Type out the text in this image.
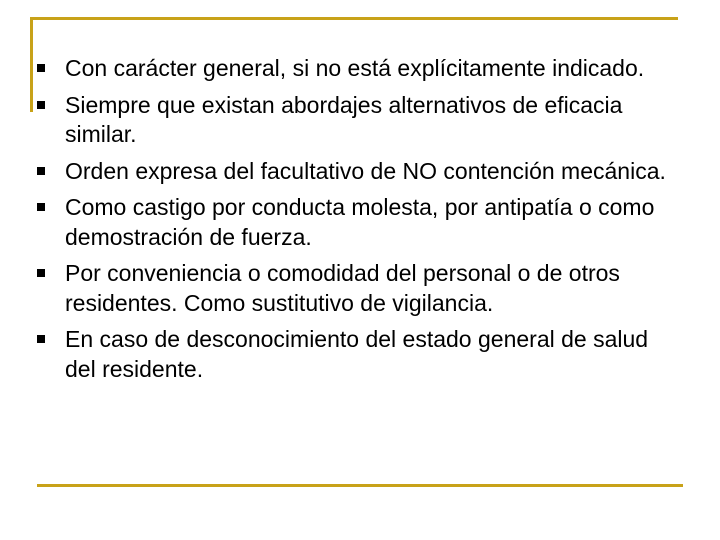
Con carácter general, si no está explícitamente indicado.
Siempre que existan abordajes alternativos de eficacia similar.
Orden expresa del facultativo de NO contención mecánica.
Como castigo por conducta molesta, por antipatía o como demostración de fuerza.
Por conveniencia o comodidad del personal o de otros residentes. Como sustitutivo de vigilancia.
En caso de desconocimiento del estado general de salud del residente.
